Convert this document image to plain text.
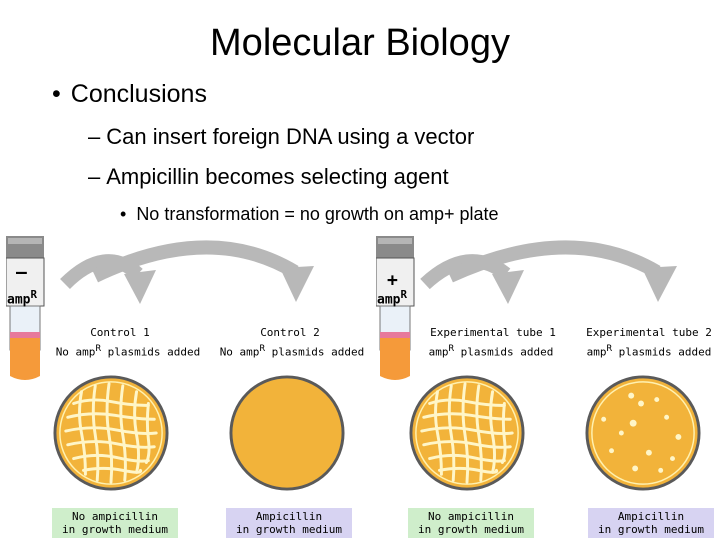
Molecular Biology
• Conclusions
– Can insert foreign DNA using a vector
– Ampicillin becomes selecting agent
• No transformation = no growth on amp+ plate
–
amp$^R$
+
amp$^R$
Control 1
No amp$^R$ plasmids added
Control 2
No amp$^R$ plasmids added
Experimental tube 1
amp$^R$ plasmids added
Experimental tube 2
amp$^R$ plasmids added
No ampicillin
in growth medium
Ampicillin
in growth medium
No ampicillin
in growth medium
Ampicillin
in growth medium
